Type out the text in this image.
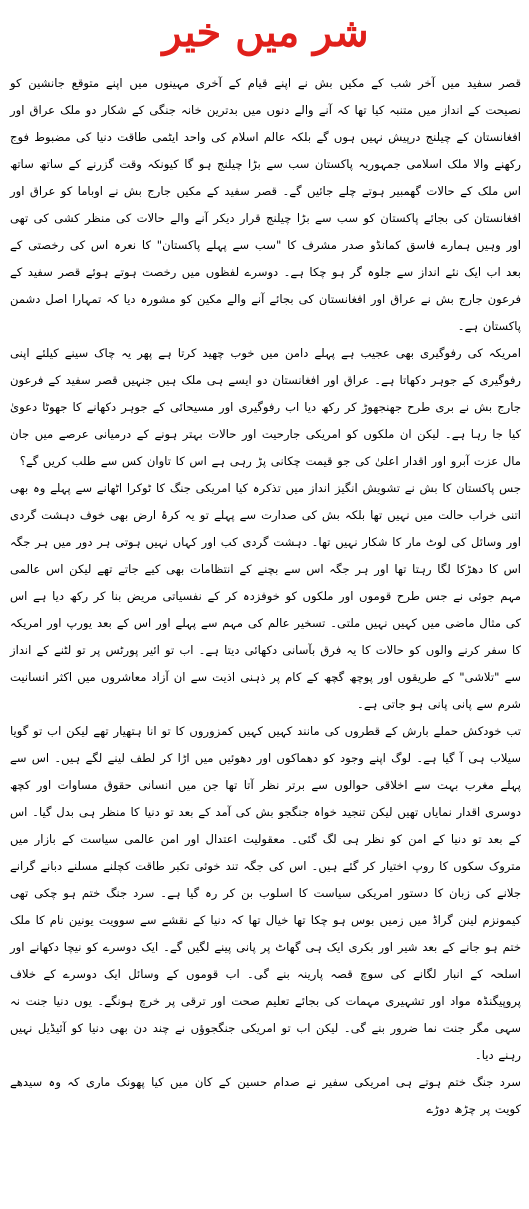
شر میں خیر

قصر سفید میں آخر شب کے مکیں بش نے اپنے قیام کے آخری مہینوں میں اپنے متوقع جانشین کو نصیحت کے انداز میں متنبہ کیا تھا کہ آنے والے دنوں میں بدترین خانہ جنگی کے شکار دو ملک عراق اور افغانستان کے چیلنج درپیش نہیں ہوں گے بلکہ عالم اسلام کی واحد ایٹمی طاقت دنیا کی مضبوط فوج رکھنے والا ملک اسلامی جمہوریہ پاکستان سب سے بڑا چیلنج ہو گا کیونکہ وقت گزرنے کے ساتھ ساتھ اس ملک کے حالات گھمبیر ہوتے چلے جائیں گے۔ قصر سفید کے مکیں جارج بش نے اوباما کو عراق اور افغانستان کی بجائے پاکستان کو سب سے بڑا چیلنج قرار دیکر آنے والے حالات کی منظر کشی کی تھی اور وہیں ہمارے فاسق کمانڈو صدر مشرف کا "سب سے پہلے پاکستان" کا نعرہ اس کی رخصتی کے بعد اب ایک نئے انداز سے جلوہ گر ہو چکا ہے۔ دوسرے لفظوں میں رخصت ہوتے ہوئے قصر سفید کے فرعون جارج بش نے عراق اور افغانستان کی بجائے آنے والے مکین کو مشورہ دیا کہ تمہارا اصل دشمن پاکستان ہے۔

امریکہ کی رفوگیری بھی عجیب ہے پہلے دامن میں خوب چھید کرتا ہے پھر یہ چاک سینے کیلئے اپنی رفوگیری کے جوہر دکھاتا ہے۔ عراق اور افغانستان دو ایسے ہی ملک ہیں جنہیں قصر سفید کے فرعون جارج بش نے بری طرح جھنجھوڑ کر رکھ دیا اب رفوگیری اور مسیحائی کے جوہر دکھانے کا جھوٹا دعویٰ کیا جا رہا ہے۔ لیکن ان ملکوں کو امریکی جارحیت اور حالات بہتر ہونے کے درمیانی عرصے میں جان مال عزت آبرو اور اقدار اعلیٰ کی جو قیمت چکانی پڑ رہی ہے اس کا تاوان کس سے طلب کریں گے؟

جس پاکستان کا بش نے تشویش انگیز انداز میں تذکرہ کیا امریکی جنگ کا ٹوکرا اٹھانے سے پہلے وہ بھی اتنی خراب حالت میں نہیں تھا بلکہ بش کی صدارت سے پہلے تو یہ کرۂ ارض بھی خوف دہشت گردی اور وسائل کی لوٹ مار کا شکار نہیں تھا۔ دہشت گردی کب اور کہاں نہیں ہوتی ہر دور میں ہر جگہ اس کا دھڑکا لگا رہتا تھا اور ہر جگہ اس سے بچنے کے انتظامات بھی کیے جاتے تھے لیکن اس عالمی مہم جوئی نے جس طرح قوموں اور ملکوں کو خوفزدہ کر کے نفسیاتی مریض بنا کر رکھ دیا ہے اس کی مثال ماضی میں کہیں نہیں ملتی۔ تسخیر عالم کی مہم سے پہلے اور اس کے بعد یورپ اور امریکہ کا سفر کرنے والوں کو حالات کا یہ فرق بآسانی دکھائی دیتا ہے۔ اب تو ائیر پورٹس پر تو لٹنے کے انداز سے "تلاشی" کے طریقوں اور پوچھ گچھ کے کام پر ذہنی اذیت سے ان آزاد معاشروں میں اکثر انسانیت شرم سے پانی پانی ہو جاتی ہے۔

تب خودکش حملے بارش کے قطروں کی مانند کہیں کہیں کمزوروں کا تو انا ہتھیار تھے لیکن اب تو گویا سیلاب ہی آ گیا ہے۔ لوگ اپنے وجود کو دھماکوں اور دھوئیں میں اڑا کر لطف لینے لگے ہیں۔ اس سے پہلے مغرب بہت سے اخلاقی حوالوں سے برتر نظر آتا تھا جن میں انسانی حقوق مساوات اور کچھ دوسری اقدار نمایاں تھیں لیکن تنجید خواہ جنگجو بش کی آمد کے بعد تو دنیا کا منظر ہی بدل گیا۔ اس کے بعد تو دنیا کے امن کو نظر ہی لگ گئی۔ معقولیت اعتدال اور امن عالمی سیاست کے بازار میں متروک سکوں کا روپ اختیار کر گئے ہیں۔ اس کی جگہ تند خوئی تکبر طاقت کچلنے مسلنے دبانے گرانے جلانے کی زبان کا دستور امریکی سیاست کا اسلوب بن کر رہ گیا ہے۔ سرد جنگ ختم ہو چکی تھی کیمونزم لینن گراڈ میں زمیں بوس ہو چکا تھا خیال تھا کہ دنیا کے نقشے سے سوویت یونین نام کا ملک ختم ہو جانے کے بعد شیر اور بکری ایک ہی گھاٹ پر پانی پینے لگیں گے۔ ایک دوسرے کو نیچا دکھانے اور اسلحہ کے انبار لگانے کی سوچ قصہ پارینہ بنے گی۔ اب قوموں کے وسائل ایک دوسرے کے خلاف پروپیگنڈہ مواد اور تشہیری مہمات کی بجائے تعلیم صحت اور ترقی پر خرچ ہونگے۔ یوں دنیا جنت نہ سہی مگر جنت نما ضرور بنے گی۔ لیکن اب تو امریکی جنگجوؤں نے چند دن بھی دنیا کو آئیڈیل نہیں رہنے دیا۔

سرد جنگ ختم ہوتے ہی امریکی سفیر نے صدام حسین کے کان میں کیا پھونک ماری کہ وہ سیدھے کویت پر چڑھ دوڑے
